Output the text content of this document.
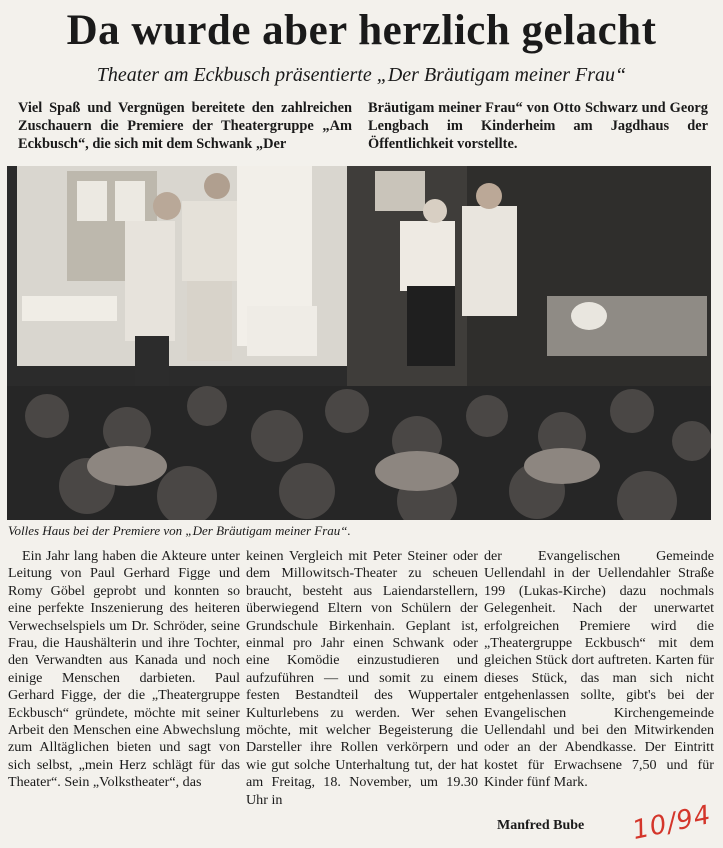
Da wurde aber herzlich gelacht
Theater am Eckbusch präsentierte „Der Bräutigam meiner Frau“
Viel Spaß und Vergnügen bereitete den zahlreichen Zuschauern die Premiere der Theatergruppe „Am Eckbusch“, die sich mit dem Schwank „Der
Bräutigam meiner Frau“ von Otto Schwarz und Georg Lengbach im Kinderheim am Jagdhaus der Öffentlichkeit vorstellte.
Volles Haus bei der Premiere von „Der Bräutigam meiner Frau“.

Ein Jahr lang haben die Akteure unter Leitung von Paul Gerhard Figge und Romy Göbel geprobt und konnten so eine perfekte Inszenierung des heiteren Verwechselspiels um Dr. Schröder, seine Frau, die Haushälterin und ihre Tochter, den Verwandten aus Kanada und noch einige Menschen darbieten. Paul Gerhard Figge, der die „Theatergruppe Eckbusch“ gründete, möchte mit seiner Arbeit den Menschen eine Abwechslung zum Alltäglichen bieten und sagt von sich selbst, „mein Herz schlägt für das Theater“. Sein „Volkstheater“, das

keinen Vergleich mit Peter Steiner oder dem Millowitsch-Theater zu scheuen braucht, besteht aus Laiendarstellern, überwiegend Eltern von Schülern der Grundschule Birkenhain. Geplant ist, einmal pro Jahr einen Schwank oder eine Komödie einzustudieren und aufzuführen — und somit zu einem festen Bestandteil des Wuppertaler Kulturlebens zu werden. Wer sehen möchte, mit welcher Begeisterung die Darsteller ihre Rollen verkörpern und wie gut solche Unterhaltung tut, der hat am Freitag, 18. November, um 19.30 Uhr in

der Evangelischen Gemeinde Uellendahl in der Uellendahler Straße 199 (Lukas-Kirche) dazu nochmals Gelegenheit. Nach der unerwartet erfolgreichen Premiere wird die „Theatergruppe Eckbusch“ mit dem gleichen Stück dort auftreten. Karten für dieses Stück, das man sich nicht entgehenlassen sollte, gibt's bei der Evangelischen Kirchengemeinde Uellendahl und bei den Mitwirkenden oder an der Abendkasse. Der Eintritt kostet für Erwachsene 7,50 und für Kinder fünf Mark.

Manfred Bube 10/94
